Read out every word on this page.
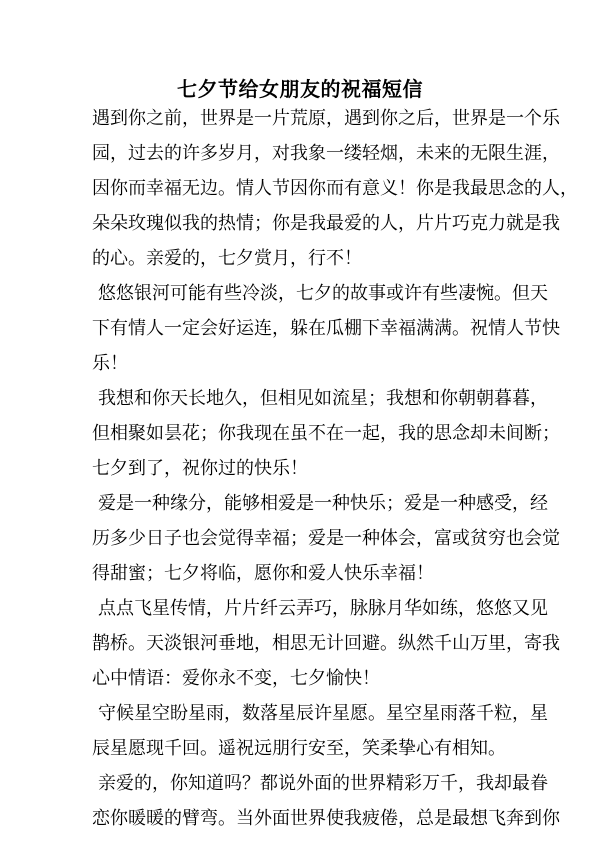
七夕节给女朋友的祝福短信
遇到你之前，世界是一片荒原，遇到你之后，世界是一个乐
园，过去的许多岁月，对我象一缕轻烟，未来的无限生涯，
因你而幸福无边。情人节因你而有意义！你是我最思念的人，
朵朵玫瑰似我的热情；你是我最爱的人，片片巧克力就是我
的心。亲爱的，七夕赏月，行不！
悠悠银河可能有些冷淡，七夕的故事或许有些凄惋。但天
下有情人一定会好运连，躲在瓜棚下幸福满满。祝情人节快
乐！
我想和你天长地久，但相见如流星；我想和你朝朝暮暮，
但相聚如昙花；你我现在虽不在一起，我的思念却未间断；
七夕到了，祝你过的快乐！
爱是一种缘分，能够相爱是一种快乐；爱是一种感受，经
历多少日子也会觉得幸福；爱是一种体会，富或贫穷也会觉
得甜蜜；七夕将临，愿你和爱人快乐幸福！
点点飞星传情，片片纤云弄巧，脉脉月华如练，悠悠又见
鹊桥。天淡银河垂地，相思无计回避。纵然千山万里，寄我
心中情语：爱你永不变，七夕愉快！
守候星空盼星雨，数落星辰许星愿。星空星雨落千粒，星
辰星愿现千回。遥祝远朋行安至，笑柔挚心有相知。
亲爱的，你知道吗？都说外面的世界精彩万千，我却最眷
恋你暖暖的臂弯。当外面世界使我疲倦，总是最想飞奔到你
